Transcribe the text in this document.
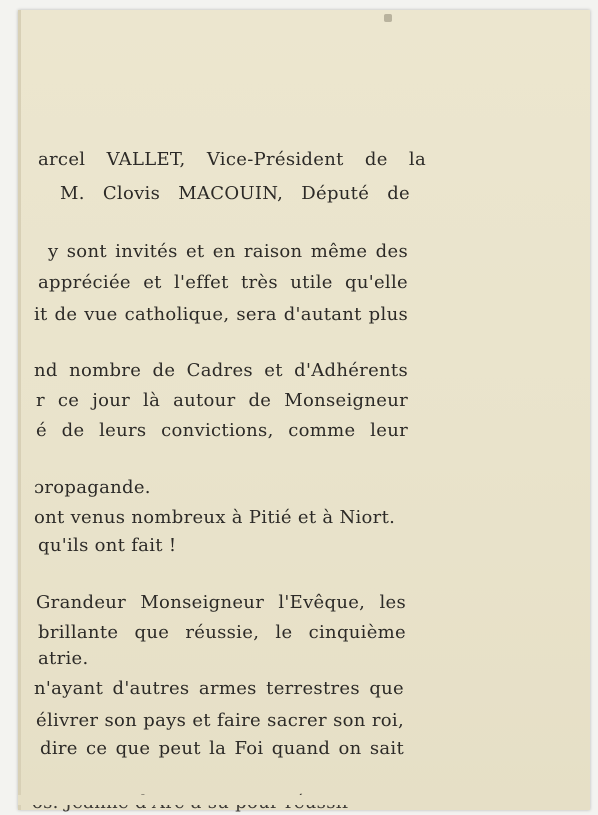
arcel VALLET, Vice-Président de la

M. Clovis MACOUIN, Député de

y sont invités et en raison même des

appréciée et l'effet très utile qu'elle

it de vue catholique, sera d'autant plus

nd nombre de Cadres et d'Adhérents

r ce jour là autour de Monseigneur

é de leurs convictions, comme leur

ɔropagande.

ont venus nombreux à Pitié et à Niort.

qu'ils ont fait !

Grandeur Monseigneur l'Evêque, les

brillante que réussie, le cinquième

atrie.

n'ayant d'autres armes terrestres que

élivrer son pays et faire sacrer son roi,

dire ce que peut la Foi quand on sait
